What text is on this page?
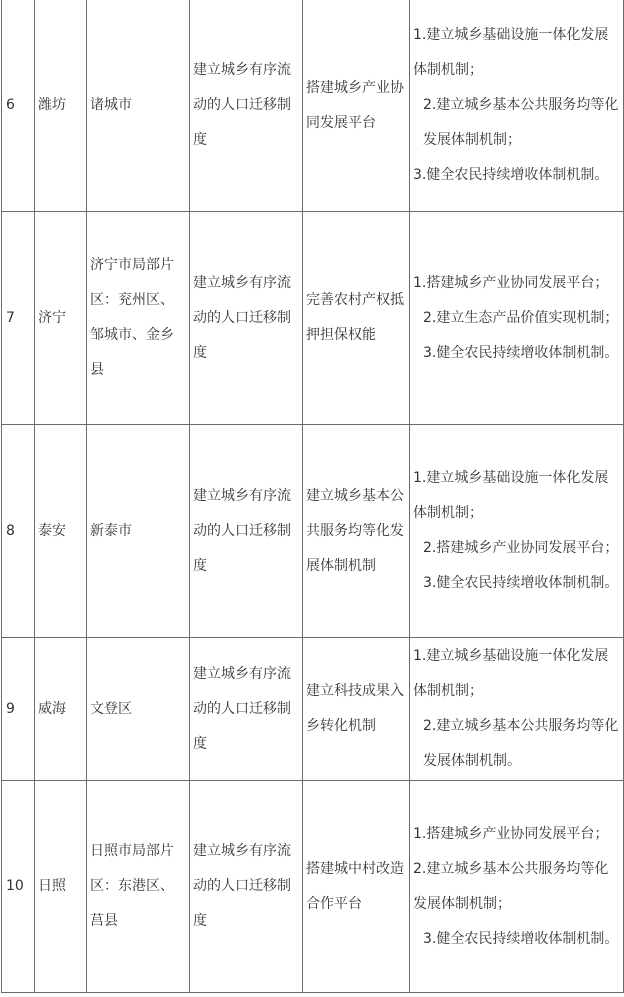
6	潍坊	诸城市	建立城乡有序流动的人口迁移制度	搭建城乡产业协同发展平台	1.建立城乡基础设施一体化发展体制机制；
2.建立城乡基本公共服务均等化发展体制机制；
3.健全农民持续增收体制机制。

7	济宁	济宁市局部片区：兖州区、邹城市、金乡县	建立城乡有序流动的人口迁移制度	完善农村产权抵押担保权能	1.搭建城乡产业协同发展平台；
2.建立生态产品价值实现机制；
3.健全农民持续增收体制机制。

8	泰安	新泰市	建立城乡有序流动的人口迁移制度	建立城乡基本公共服务均等化发展体制机制	1.建立城乡基础设施一体化发展体制机制；
2.搭建城乡产业协同发展平台；
3.健全农民持续增收体制机制。

9	威海	文登区	建立城乡有序流动的人口迁移制度	建立科技成果入乡转化机制	1.建立城乡基础设施一体化发展体制机制；
2.建立城乡基本公共服务均等化发展体制机制。

10	日照	日照市局部片区：东港区、莒县	建立城乡有序流动的人口迁移制度	搭建城中村改造合作平台	1.搭建城乡产业协同发展平台；
2.建立城乡基本公共服务均等化发展体制机制；
3.健全农民持续增收体制机制。
